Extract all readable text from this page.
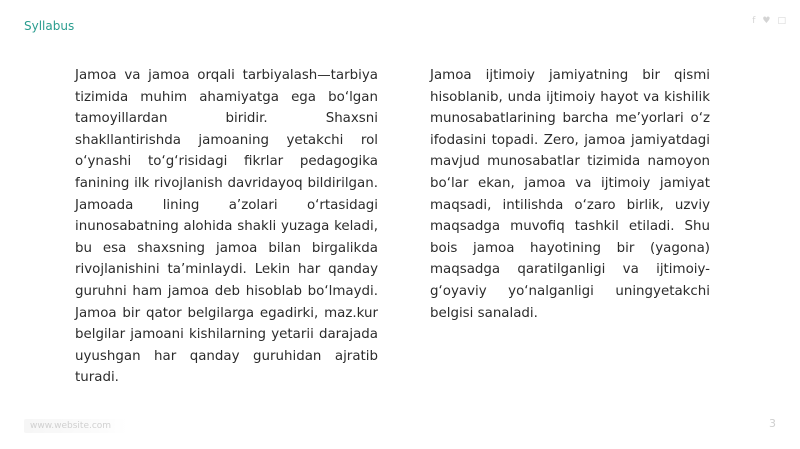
Syllabus	f ♥ □
Jamoa va jamoa orqali tarbiyalash—tarbiya tizimida muhim ahamiyatga ega bo‘lgan tamoyillardan biridir. Shaxsni shakllantirishda jamoaning yetakchi rol o‘ynashi to‘g‘risidagi fikrlar pedagogika fanining ilk rivojlanish davridayoq bildirilgan. Jamoada lining a’zolari o‘rtasidagi inunosabatning alohida shakli yuzaga keladi, bu esa shaxsning jamoa bilan birgalikda rivojlanishini ta’minlaydi. Lekin har qanday guruhni ham jamoa deb hisoblab bo‘lmaydi. Jamoa bir qator belgilarga egadirki, maz.kur belgilar jamoani kishilarning yetarii darajada uyushgan har qanday guruhidan ajratib turadi.
Jamoa ijtimoiy jamiyatning bir qismi hisoblanib, unda ijtimoiy hayot va kishilik munosabatlarining barcha me’yorlari o‘z ifodasini topadi. Zero, jamoa jamiyatdagi mavjud munosabatlar tizimida namoyon bo‘lar ekan, jamoa va ijtimoiy jamiyat maqsadi, intilishda o‘zaro birlik, uzviy maqsadga muvofiq tashkil etiladi. Shu bois jamoa hayotining bir (yagona) maqsadga qaratilganligi va ijtimoiy-g‘oyaviy yo‘nalganligi uningyetakchi belgisi sanaladi.
www.website.com	3
